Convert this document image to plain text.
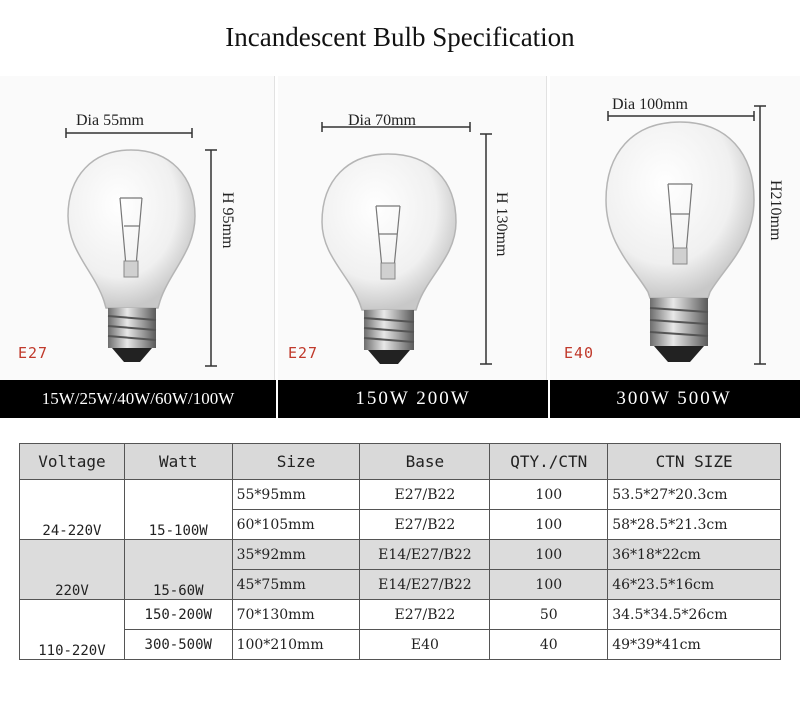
Incandescent Bulb Specification
Dia 55mm
H 95mm
E27
Dia 70mm
H 130mm
E27
Dia 100mm
H210mm
E40
15W/25W/40W/60W/100W	150W 200W	300W 500W
Voltage	Watt	Size	Base	QTY./CTN	CTN SIZE
24-220V	15-100W	55*95mm	E27/B22	100	53.5*27*20.3cm
		60*105mm	E27/B22	100	58*28.5*21.3cm
220V	15-60W	35*92mm	E14/E27/B22	100	36*18*22cm
		45*75mm	E14/E27/B22	100	46*23.5*16cm
110-220V	150-200W	70*130mm	E27/B22	50	34.5*34.5*26cm
	300-500W	100*210mm	E40	40	49*39*41cm
